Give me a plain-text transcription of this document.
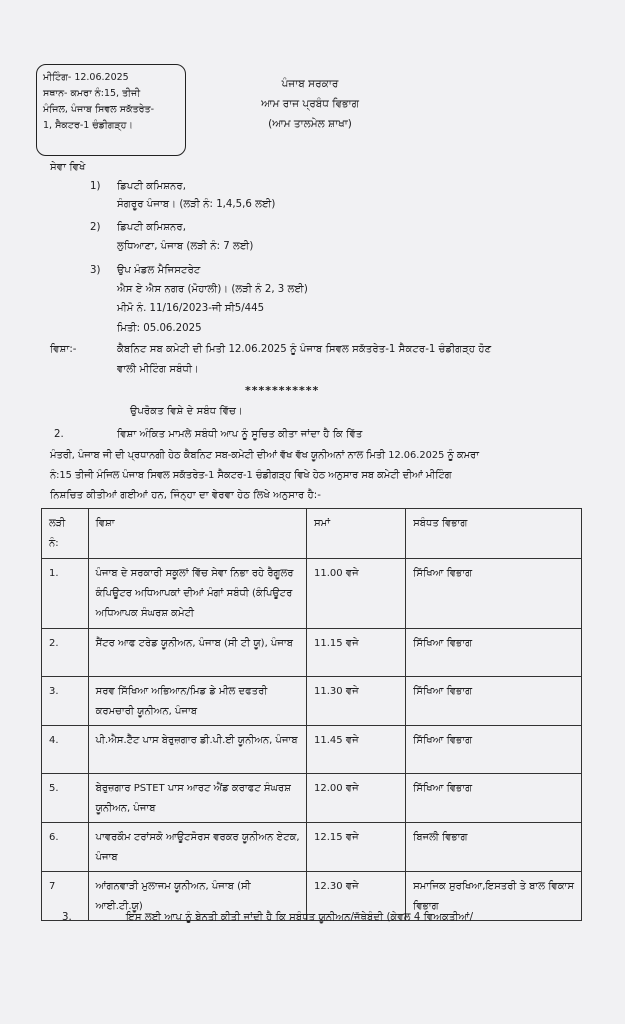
ਮੀਟਿੰਗ- 12.06.2025
ਸਥਾਨ- ਕਮਰਾ ਨੰ:15, ਤੀਜੀ
ਮੰਜਿਲ, ਪੰਜਾਬ ਸਿਵਲ ਸਕੱਤਰੇਤ-
1, ਸੈਕਟਰ-1 ਚੰਡੀਗੜ੍ਹ।
ਪੰਜਾਬ ਸਰਕਾਰ
ਆਮ ਰਾਜ ਪ੍ਰਬੰਧ ਵਿਭਾਗ
(ਆਮ ਤਾਲਮੇਲ ਸ਼ਾਖਾ)
ਸੇਵਾ ਵਿਖੇ
1) ਡਿਪਟੀ ਕਮਿਸ਼ਨਰ,
ਸੰਗਰੂਰ ਪੰਜਾਬ। (ਲੜੀ ਨੰ: 1,4,5,6 ਲਈ)
2) ਡਿਪਟੀ ਕਮਿਸ਼ਨਰ,
ਲੁਧਿਆਣਾ, ਪੰਜਾਬ (ਲੜੀ ਨੰ: 7 ਲਈ)
3) ਉਪ ਮੰਡਲ ਮੈਜਿਸਟਰੇਟ
ਐਸ ਏ ਐਸ ਨਗਰ (ਮੋਹਾਲੀ)। (ਲੜੀ ਨੰ 2, 3 ਲਈ)
ਮੀਮੋ ਨੰ. 11/16/2023-ਜੀ ਸੀ5/445
ਮਿਤੀ: 05.06.2025
ਵਿਸ਼ਾ:-	ਕੈਬਨਿਟ ਸਬ ਕਮੇਟੀ ਦੀ ਮਿਤੀ 12.06.2025 ਨੂੰ ਪੰਜਾਬ ਸਿਵਲ ਸਕੱਤਰੇਤ-1 ਸੈਕਟਰ-1 ਚੰਡੀਗੜ੍ਹ ਹੋਣ
ਵਾਲੀ ਮੀਟਿੰਗ ਸਬੰਧੀ।
***********
ਉਪਰੋਕਤ ਵਿਸ਼ੇ ਦੇ ਸਬੰਧ ਵਿੱਚ।
2.	ਵਿਸ਼ਾ ਅੰਕਿਤ ਮਾਮਲੇ ਸਬੰਧੀ ਆਪ ਨੂੰ ਸੂਚਿਤ ਕੀਤਾ ਜਾਂਦਾ ਹੈ ਕਿ ਵਿੱਤ
ਮੰਤਰੀ, ਪੰਜਾਬ ਜੀ ਦੀ ਪ੍ਰਧਾਨਗੀ ਹੇਠ ਕੈਬਨਿਟ ਸਬ-ਕਮੇਟੀ ਦੀਆਂ ਵੱਖ ਵੱਖ ਯੂਨੀਅਨਾਂ ਨਾਲ ਮਿਤੀ 12.06.2025 ਨੂੰ ਕਮਰਾ
ਨੰ:15 ਤੀਜੀ ਮੰਜਿਲ ਪੰਜਾਬ ਸਿਵਲ ਸਕੱਤਰੇਤ-1 ਸੈਕਟਰ-1 ਚੰਡੀਗੜ੍ਹ ਵਿਖੇ ਹੇਠ ਅਨੁਸਾਰ ਸਬ ਕਮੇਟੀ ਦੀਆਂ ਮੀਟਿੰਗ
ਨਿਸ਼ਚਿਤ ਕੀਤੀਆਂ ਗਈਆਂ ਹਨ, ਜਿੰਨ੍ਹਾ ਦਾ ਵੇਰਵਾ ਹੇਠ ਲਿਖੇ ਅਨੁਸਾਰ ਹੈ:-
ਲੜੀ
ਨੰ:	ਵਿਸ਼ਾ	ਸਮਾਂ	ਸਬੰਧਤ ਵਿਭਾਗ
1.	ਪੰਜਾਬ ਦੇ ਸਰਕਾਰੀ ਸਕੂਲਾਂ ਵਿੱਚ ਸੇਵਾ ਨਿਭਾ ਰਹੇ ਰੈਗੂਲਰ ਕੰਪਿਊਟਰ ਅਧਿਆਪਕਾਂ ਦੀਆਂ ਮੰਗਾਂ ਸਬੰਧੀ (ਕੰਪਿਊਟਰ ਅਧਿਆਪਕ ਸੰਘਰਸ਼ ਕਮੇਟੀ	11.00 ਵਜੇ	ਸਿੱਖਿਆ ਵਿਭਾਗ
2.	ਸੈਂਟਰ ਆਫ ਟਰੇਡ ਯੂਨੀਅਨ, ਪੰਜਾਬ (ਸੀ ਟੀ ਯੂ), ਪੰਜਾਬ	11.15 ਵਜੇ	ਸਿੱਖਿਆ ਵਿਭਾਗ
3.	ਸਰਵ ਸਿੱਖਿਆ ਅਭਿਆਨ/ਮਿਡ ਡੇ ਮੀਲ ਦਫਤਰੀ ਕਰਮਚਾਰੀ ਯੂਨੀਅਨ, ਪੰਜਾਬ	11.30 ਵਜੇ	ਸਿੱਖਿਆ ਵਿਭਾਗ
4.	ਪੀ.ਐਸ.ਟੈੱਟ ਪਾਸ ਬੇਰੁਜ਼ਗਾਰ ਡੀ.ਪੀ.ਈ ਯੂਨੀਅਨ, ਪੰਜਾਬ	11.45 ਵਜੇ	ਸਿੱਖਿਆ ਵਿਭਾਗ
5.	ਬੇਰੁਜ਼ਗਾਰ PSTET ਪਾਸ ਆਰਟ ਐਂਡ ਕਰਾਫਟ ਸੰਘਰਸ਼ ਯੂਨੀਅਨ, ਪੰਜਾਬ	12.00 ਵਜੇ	ਸਿੱਖਿਆ ਵਿਭਾਗ
6.	ਪਾਵਰਕੌਮ ਟਰਾਂਸਕੋ ਆਊਟਸੋਰਸ ਵਰਕਰ ਯੂਨੀਅਨ ਏਟਕ, ਪੰਜਾਬ	12.15 ਵਜੇ	ਬਿਜਲੀ ਵਿਭਾਗ
7	ਆਂਗਨਵਾੜੀ ਮੁਲਾਜਮ ਯੂਨੀਅਨ, ਪੰਜਾਬ (ਸੀ ਆਈ.ਟੀ.ਯੂ)	12.30 ਵਜੇ	ਸਮਾਜਿਕ ਸੁਰਖਿਆ,ਇਸਤਰੀ ਤੇ ਬਾਲ ਵਿਕਾਸ ਵਿਭਾਗ
3.	ਇਸ ਲਈ ਆਪ ਨੂੰ ਬੇਨਤੀ ਕੀਤੀ ਜਾਂਦੀ ਹੈ ਕਿ ਸਬੰਧਤ ਯੂਨੀਅਨ/ਜੱਥੇਬੰਦੀ (ਕੇਵਲ 4 ਵਿਅਕਤੀਆਂ/
